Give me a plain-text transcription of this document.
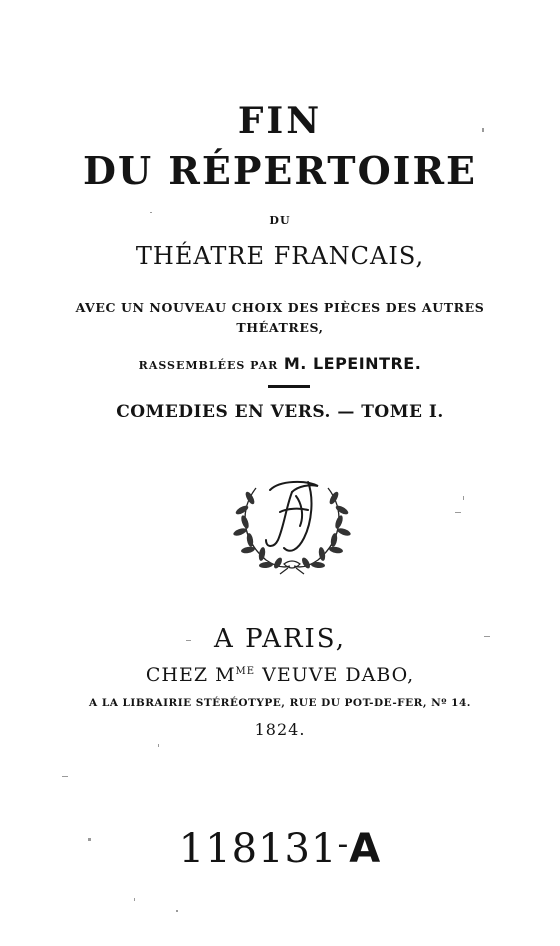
FIN
DU RÉPERTOIRE
DU
THÉATRE FRANCAIS,
AVEC UN NOUVEAU CHOIX DES PIÈCES DES AUTRES
THÉATRES,
RASSEMBLÉES PAR M. LEPEINTRE.
COMEDIES EN VERS. — TOME I.
A PARIS,
CHEZ $M^{ME}$ VEUVE DABO,
A LA LIBRAIRIE STÉRÉOTYPE, RUE DU POT-DE-FER, Nº 14.
1824.
118131-A
